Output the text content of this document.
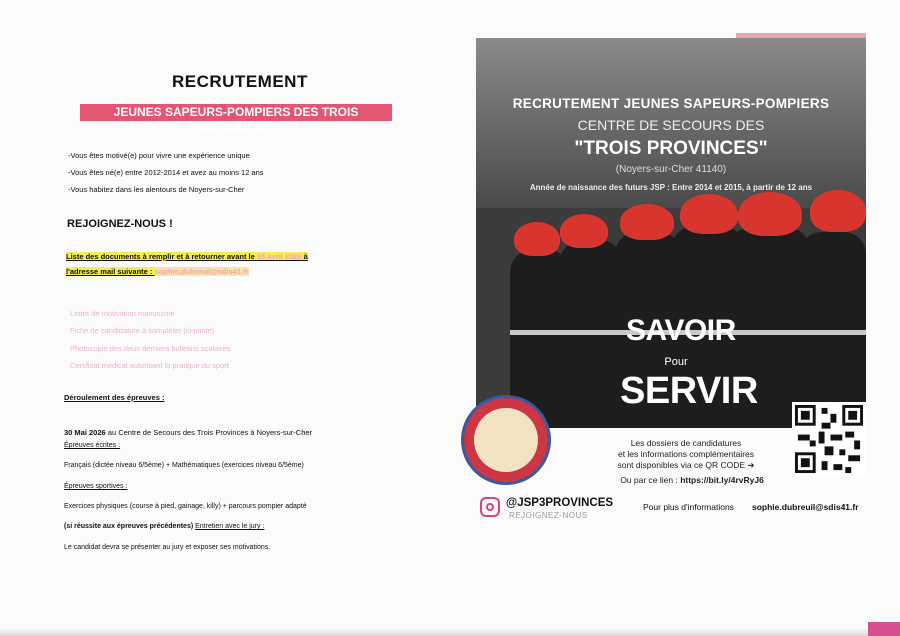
RECRUTEMENT
JEUNES SAPEURS-POMPIERS DES TROIS PROVINCES
-Vous êtes motivé(e) pour vivre une expérience unique
-Vous êtes né(e) entre 2012-2014 et avez au moins 12 ans
-Vous habitez dans les alentours de Noyers-sur-Cher
REJOIGNEZ-NOUS !
Liste des documents à remplir et à retourner avant le 15 avril 2026 à
l'adresse mail suivante : sophie.dubreuil@sdis41.fr
Lettre de motivation manuscrite
Fiche de candidature à compléter (ci-jointe)
Photocopie des deux derniers bulletins scolaires
Certificat médical autorisant la pratique du sport
Déroulement des épreuves :
30 Mai 2026 au Centre de Secours des Trois Provinces à Noyers-sur-Cher
Épreuves écrites :
Français (dictée niveau 6/5ème) + Mathématiques (exercices niveau 6/5ème)
Épreuves sportives :
Exercices physiques (course à pied, gainage, killy) + parcours pompier adapté
(si réussite aux épreuves précédentes) Entretien avec le jury :
Le candidat devra se présenter au jury et exposer ses motivations.
RECRUTEMENT JEUNES SAPEURS-POMPIERS
CENTRE DE SECOURS DES
"TROIS PROVINCES"
(Noyers-sur-Cher 41140)
Année de naissance des futurs JSP : Entre 2014 et 2015, à partir de 12 ans
SAVOIR
Pour
SERVIR
Les dossiers de candidatures
et les informations complémentaires
sont disponibles via ce QR CODE ➜
Ou par ce lien : https://bit.ly/4rvRyJ6
@JSP3PROVINCES
REJOIGNEZ-NOUS
Pour plus d'informations sophie.dubreuil@sdis41.fr
